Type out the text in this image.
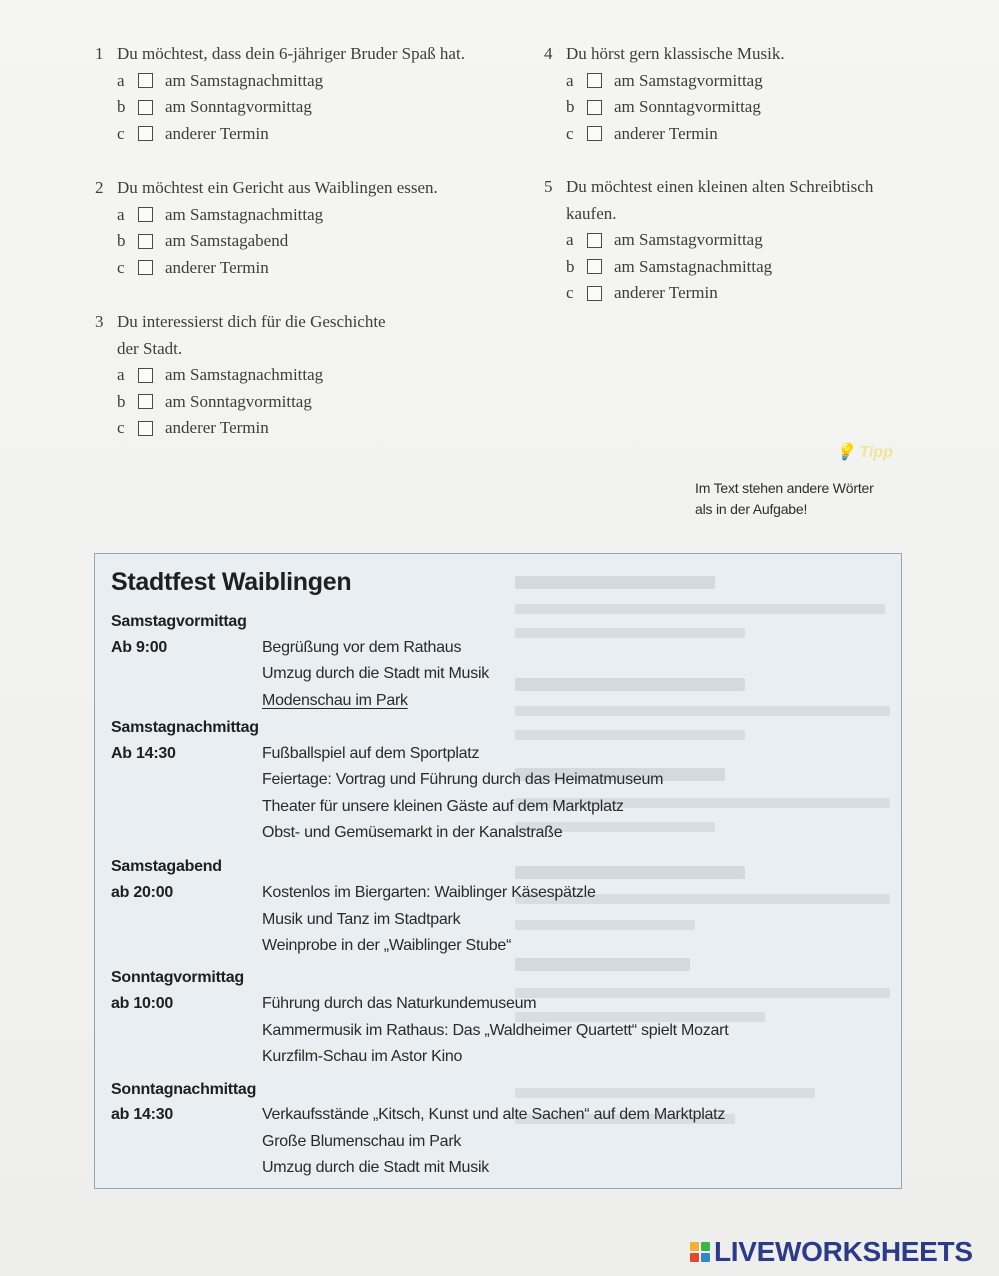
1 Du möchtest, dass dein 6-jähriger Bruder Spaß hat.
a	am Samstagnachmittag
b	am Sonntagvormittag
c	anderer Termin
2 Du möchtest ein Gericht aus Waiblingen essen.
a	am Samstagnachmittag
b	am Samstagabend
c	anderer Termin
3 Du interessierst dich für die Geschichte
der Stadt.
a	am Samstagnachmittag
b	am Sonntagvormittag
c	anderer Termin
4 Du hörst gern klassische Musik.
a	am Samstagvormittag
b	am Sonntagvormittag
c	anderer Termin
5 Du möchtest einen kleinen alten Schreibtisch
kaufen.
a	am Samstagvormittag
b	am Samstagnachmittag
c	anderer Termin
💡 Tipp
Im Text stehen andere Wörter
als in der Aufgabe!
Stadtfest Waiblingen
Samstagvormittag
Ab 9:00	Begrüßung vor dem Rathaus
Umzug durch die Stadt mit Musik
Modenschau im Park
Samstagnachmittag
Ab 14:30	Fußballspiel auf dem Sportplatz
Feiertage: Vortrag und Führung durch das Heimatmuseum
Theater für unsere kleinen Gäste auf dem Marktplatz
Obst- und Gemüsemarkt in der Kanalstraße
Samstagabend
ab 20:00	Kostenlos im Biergarten: Waiblinger Käsespätzle
Musik und Tanz im Stadtpark
Weinprobe in der „Waiblinger Stube“
Sonntagvormittag
ab 10:00	Führung durch das Naturkundemuseum
Kammermusik im Rathaus: Das „Waldheimer Quartett“ spielt Mozart
Kurzfilm-Schau im Astor Kino
Sonntagnachmittag
ab 14:30	Verkaufsstände „Kitsch, Kunst und alte Sachen“ auf dem Marktplatz
Große Blumenschau im Park
Umzug durch die Stadt mit Musik
LIVE WORKSHEETS
